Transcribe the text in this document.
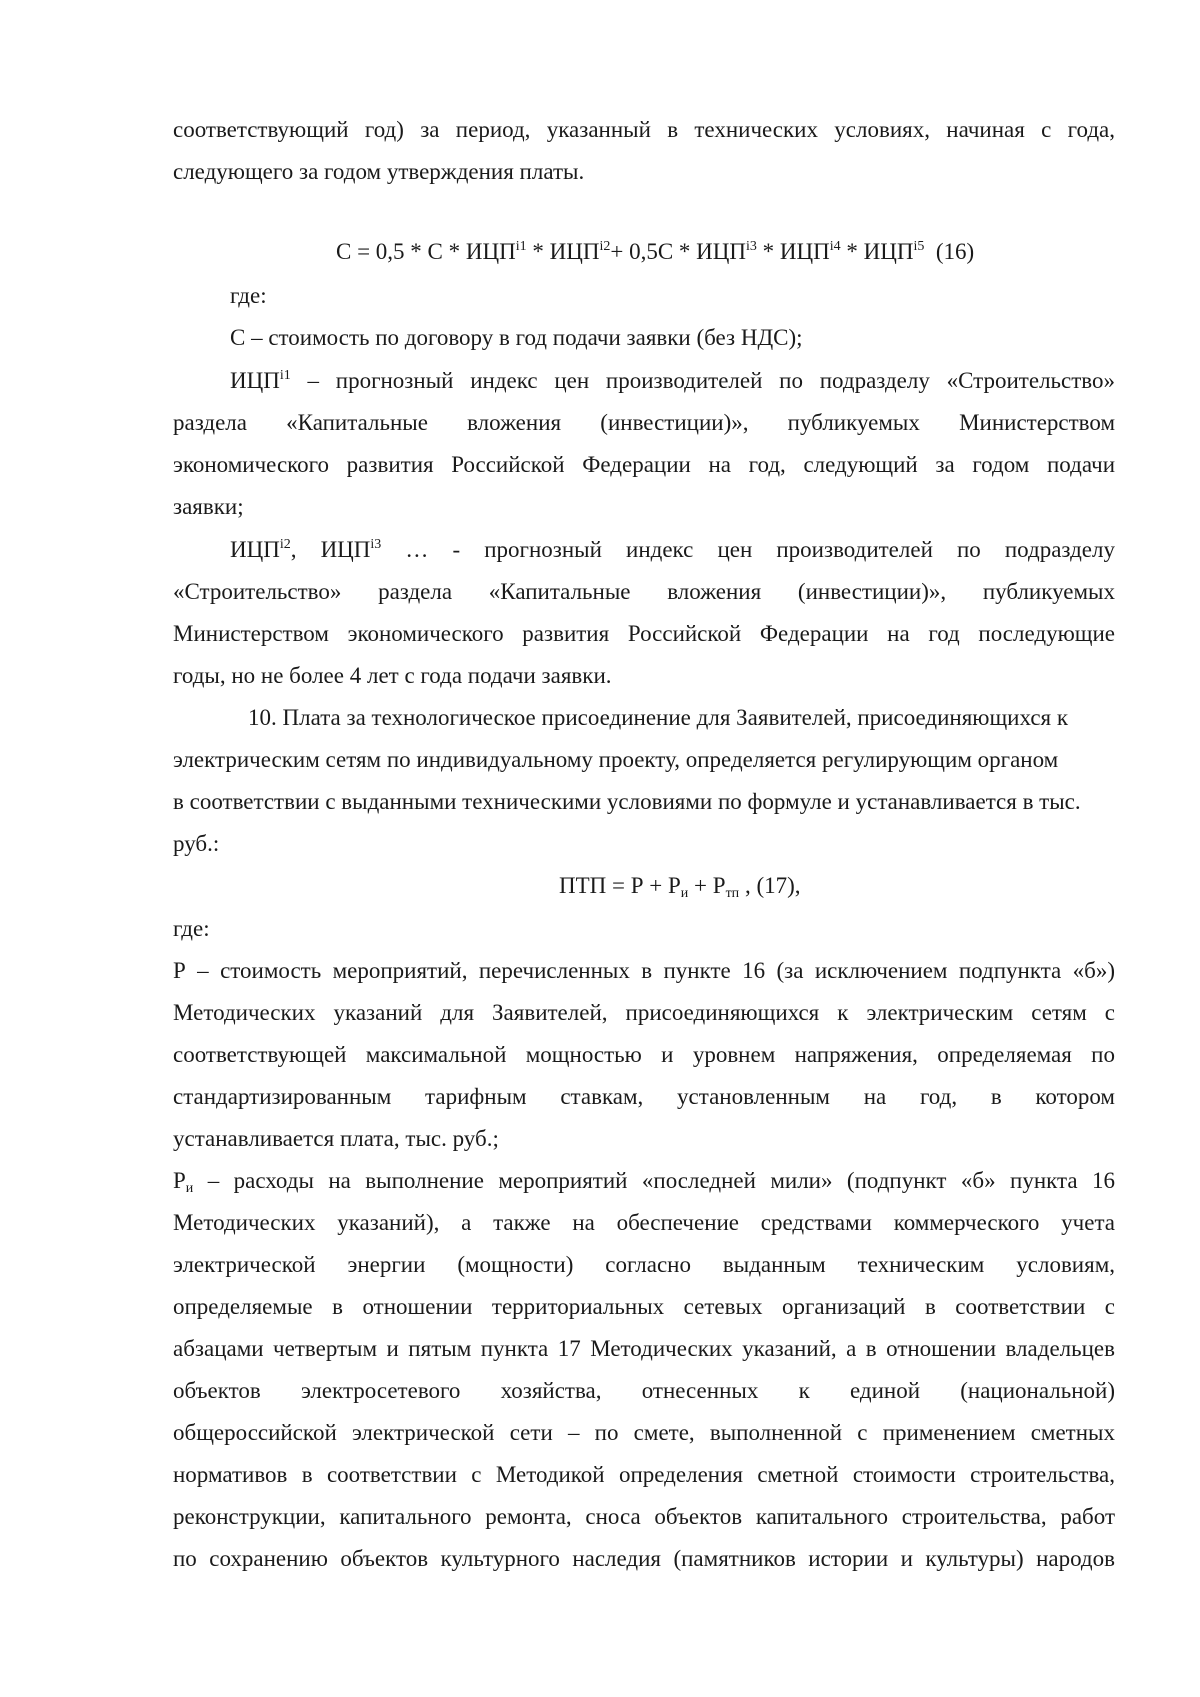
соответствующий год) за период, указанный в технических условиях, начиная с года,
следующего за годом утверждения платы.
$С = 0,5 * С * ИЦП^{i1} * ИЦП^{i2}+ 0,5С * ИЦП^{i3} * ИЦП^{i4} * ИЦП^{i5}$  (16)
где:
С – стоимость по договору в год подачи заявки (без НДС);
$ИЦП^{i1}$ – прогнозный индекс цен производителей по подразделу «Строительство»
раздела «Капитальные вложения (инвестиции)», публикуемых Министерством
экономического развития Российской Федерации на год, следующий за годом подачи
заявки;
$ИЦП^{i2}$, $ИЦП^{i3}$ … - прогнозный индекс цен производителей по подразделу
«Строительство» раздела «Капитальные вложения (инвестиции)», публикуемых
Министерством экономического развития Российской Федерации на год последующие
годы, но не более 4 лет с года подачи заявки.
10. Плата за технологическое присоединение для Заявителей, присоединяющихся к
электрическим сетям по индивидуальному проекту, определяется регулирующим органом
в соответствии с выданными техническими условиями по формуле и устанавливается в тыс.
руб.:
ПТП = $Р + Р_и + Р_{тп}$ , (17),
где:
Р – стоимость мероприятий, перечисленных в пункте 16 (за исключением подпункта «б»)
Методических указаний для Заявителей, присоединяющихся к электрическим сетям с
соответствующей максимальной мощностью и уровнем напряжения, определяемая по
стандартизированным тарифным ставкам, установленным на год, в котором
устанавливается плата, тыс. руб.;
$Р_и$ – расходы на выполнение мероприятий «последней мили» (подпункт «б» пункта 16
Методических указаний), а также на обеспечение средствами коммерческого учета
электрической энергии (мощности) согласно выданным техническим условиям,
определяемые в отношении территориальных сетевых организаций в соответствии с
абзацами четвертым и пятым пункта 17 Методических указаний, а в отношении владельцев
объектов электросетевого хозяйства, отнесенных к единой (национальной)
общероссийской электрической сети – по смете, выполненной с применением сметных
нормативов в соответствии с Методикой определения сметной стоимости строительства,
реконструкции, капитального ремонта, сноса объектов капитального строительства, работ
по сохранению объектов культурного наследия (памятников истории и культуры) народов
